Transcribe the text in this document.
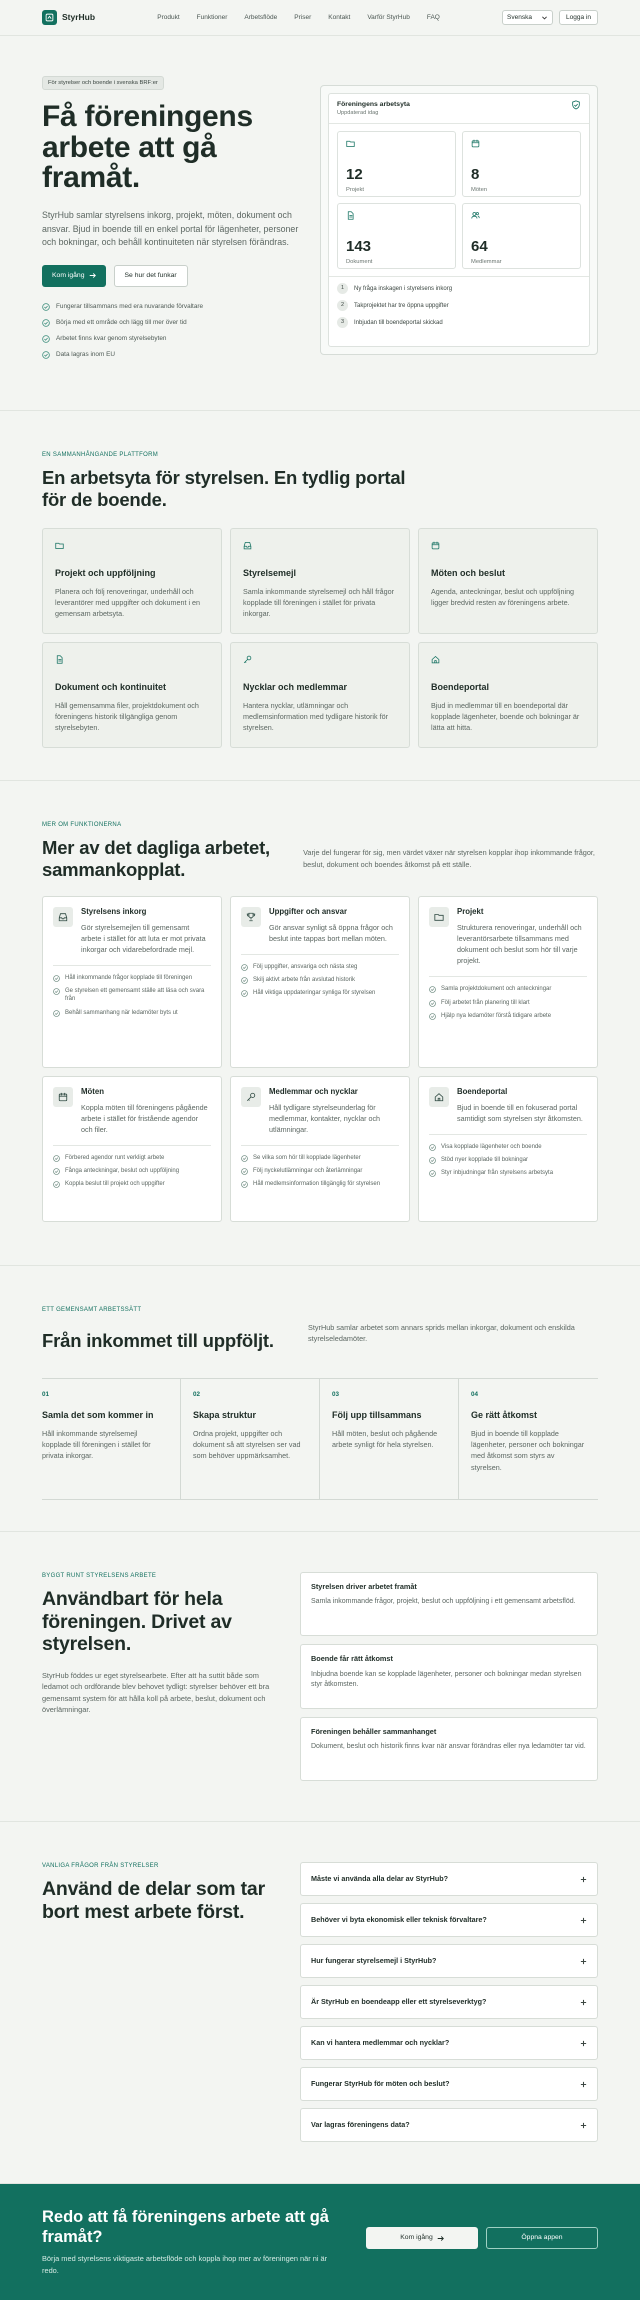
StyrHub	Produkt	Funktioner	Arbetsflöde	Priser	Kontakt	Varför StyrHub	FAQ	Svenska	Logga in
För styrelser och boende i svenska BRF:er
Få föreningens arbete att gå framåt.

StyrHub samlar styrelsens inkorg, projekt, möten, dokument och ansvar. Bjud in boende till en enkel portal för lägenheter, personer och bokningar, och behåll kontinuiteten när styrelsen förändras.

Kom igång	Se hur det funkar
Fungerar tillsammans med era nuvarande förvaltare
Börja med ett område och lägg till mer över tid
Arbetet finns kvar genom styrelsebyten
Data lagras inom EU
Föreningens arbetsyta
Uppdaterad idag
12
Projekt
8
Möten
143
Dokument
64
Medlemmar
1	Ny fråga inskagen i styrelsens inkorg
2	Takprojektet har tre öppna uppgifter
3	Inbjudan till boendeportal skickad
EN SAMMANHÅNGANDE PLATTFORM
En arbetsyta för styrelsen. En tydlig portal för de boende.
Projekt och uppföljning

Planera och följ renoveringar, underhåll och leverantörer med uppgifter och dokument i en gemensam arbetsyta.

Styrelsemejl

Samla inkommande styrelsemejl och håll frågor kopplade till föreningen i stället för privata inkorgar.

Möten och beslut

Agenda, anteckningar, beslut och uppföljning ligger bredvid resten av föreningens arbete.

Dokument och kontinuitet

Håll gemensamma filer, projektdokument och föreningens historik tillgängliga genom styrelsebyten.

Nycklar och medlemmar

Hantera nycklar, utlämningar och medlemsinformation med tydligare historik för styrelsen.

Boendeportal

Bjud in medlemmar till en boendeportal där kopplade lägenheter, boende och bokningar är lätta att hitta.

MER OM FUNKTIONERNA
Mer av det dagliga arbetet, sammankopplat.
Varje del fungerar för sig, men värdet växer när styrelsen kopplar ihop inkommande frågor, beslut, dokument och boendes åtkomst på ett ställe.
Styrelsens inkorg

Gör styrelsemejlen till gemensamt arbete i stället för att luta er mot privata inkorgar och vidarebefordrade mejl.

Håll inkommande frågor kopplade till föreningen
Ge styrelsen ett gemensamt ställe att läsa och svara från
Behåll sammanhang när ledamöter byts ut
Uppgifter och ansvar

Gör ansvar synligt så öppna frågor och beslut inte tappas bort mellan möten.

Följ uppgifter, ansvariga och nästa steg
Skilj aktivt arbete från avslutad historik
Håll viktiga uppdateringar synliga för styrelsen
Projekt

Strukturera renoveringar, underhåll och leverantörsarbete tillsammans med dokument och beslut som hör till varje projekt.

Samla projektdokument och anteckningar
Följ arbetet från planering till klart
Hjälp nya ledamöter förstå tidigare arbete
Möten

Koppla möten till föreningens pågående arbete i stället för fristående agendor och filer.

Förbered agendor runt verkligt arbete
Fånga anteckningar, beslut och uppföljning
Koppla beslut till projekt och uppgifter
Medlemmar och nycklar

Håll tydligare styrelseunderlag för medlemmar, kontakter, nycklar och utlämningar.

Se vilka som hör till kopplade lägenheter
Följ nyckelutlämningar och återlämningar
Håll medlemsinformation tillgänglig för styrelsen
Boendeportal

Bjud in boende till en fokuserad portal samtidigt som styrelsen styr åtkomsten.

Visa kopplade lägenheter och boende
Stöd nyer kopplade till bokningar
Styr inbjudningar från styrelsens arbetsyta
ETT GEMENSAMT ARBETSSÄTT
Från inkommet till uppföljt.
StyrHub samlar arbetet som annars sprids mellan inkorgar, dokument och enskilda styrelseledamöter.
01
Samla det som kommer in

Håll inkommande styrelsemejl kopplade till föreningen i stället för privata inkorgar.

02
Skapa struktur

Ordna projekt, uppgifter och dokument så att styrelsen ser vad som behöver uppmärksamhet.

03
Följ upp tillsammans

Håll möten, beslut och pågående arbete synligt för hela styrelsen.

04
Ge rätt åtkomst

Bjud in boende till kopplade lägenheter, personer och bokningar med åtkomst som styrs av styrelsen.

BYGGT RUNT STYRELSENS ARBETE
Användbart för hela föreningen. Drivet av styrelsen.

StyrHub föddes ur eget styrelsearbete. Efter att ha suttit både som ledamot och ordförande blev behovet tydligt: styrelser behöver ett bra gemensamt system för att hålla koll på arbete, beslut, dokument och överlämningar.

Styrelsen driver arbetet framåt

Samla inkommande frågor, projekt, beslut och uppföljning i ett gemensamt arbetsflöd.

Boende får rätt åtkomst

Inbjudna boende kan se kopplade lägenheter, personer och bokningar medan styrelsen styr åtkomsten.

Föreningen behåller sammanhanget

Dokument, beslut och historik finns kvar när ansvar förändras eller nya ledamöter tar vid.

VANLIGA FRÅGOR FRÅN STYRELSER
Använd de delar som tar bort mest arbete först.
Måste vi använda alla delar av StyrHub?
Behöver vi byta ekonomisk eller teknisk förvaltare?
Hur fungerar styrelsemejl i StyrHub?
Är StyrHub en boendeapp eller ett styrelseverktyg?
Kan vi hantera medlemmar och nycklar?
Fungerar StyrHub för möten och beslut?
Var lagras föreningens data?
Redo att få föreningens arbete att gå framåt?

Börja med styrelsens viktigaste arbetsflöde och koppla ihop mer av föreningen när ni är redo.

Kom igång	Öppna appen
